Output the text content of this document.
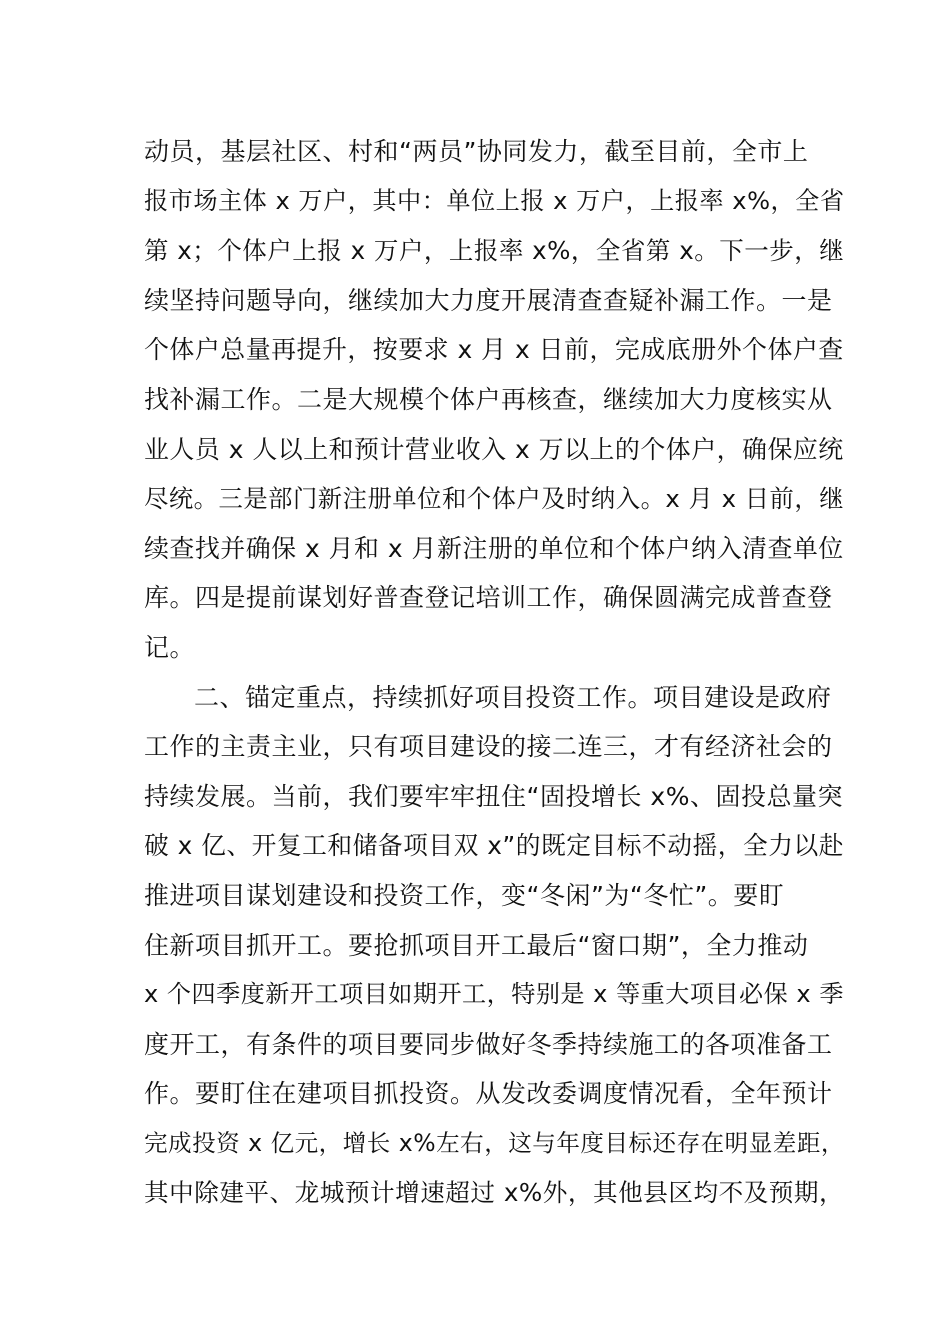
动员，基层社区、村和“两员”协同发力，截至目前，全市上
报市场主体 x 万户，其中：单位上报 x 万户，上报率 x%，全省
第 x；个体户上报 x 万户，上报率 x%，全省第 x。下一步，继
续坚持问题导向，继续加大力度开展清查查疑补漏工作。一是
个体户总量再提升，按要求 x 月 x 日前，完成底册外个体户查
找补漏工作。二是大规模个体户再核查，继续加大力度核实从
业人员 x 人以上和预计营业收入 x 万以上的个体户，确保应统
尽统。三是部门新注册单位和个体户及时纳入。x 月 x 日前，继
续查找并确保 x 月和 x 月新注册的单位和个体户纳入清查单位
库。四是提前谋划好普查登记培训工作，确保圆满完成普查登
记。
二、锚定重点，持续抓好项目投资工作。项目建设是政府
工作的主责主业，只有项目建设的接二连三，才有经济社会的
持续发展。当前，我们要牢牢扭住“固投增长 x%、固投总量突
破 x 亿、开复工和储备项目双 x”的既定目标不动摇，全力以赴
推进项目谋划建设和投资工作，变“冬闲”为“冬忙”。要盯
住新项目抓开工。要抢抓项目开工最后“窗口期”，全力推动
x 个四季度新开工项目如期开工，特别是 x 等重大项目必保 x 季
度开工，有条件的项目要同步做好冬季持续施工的各项准备工
作。要盯住在建项目抓投资。从发改委调度情况看，全年预计
完成投资 x 亿元，增长 x%左右，这与年度目标还存在明显差距，
其中除建平、龙城预计增速超过 x%外，其他县区均不及预期，
